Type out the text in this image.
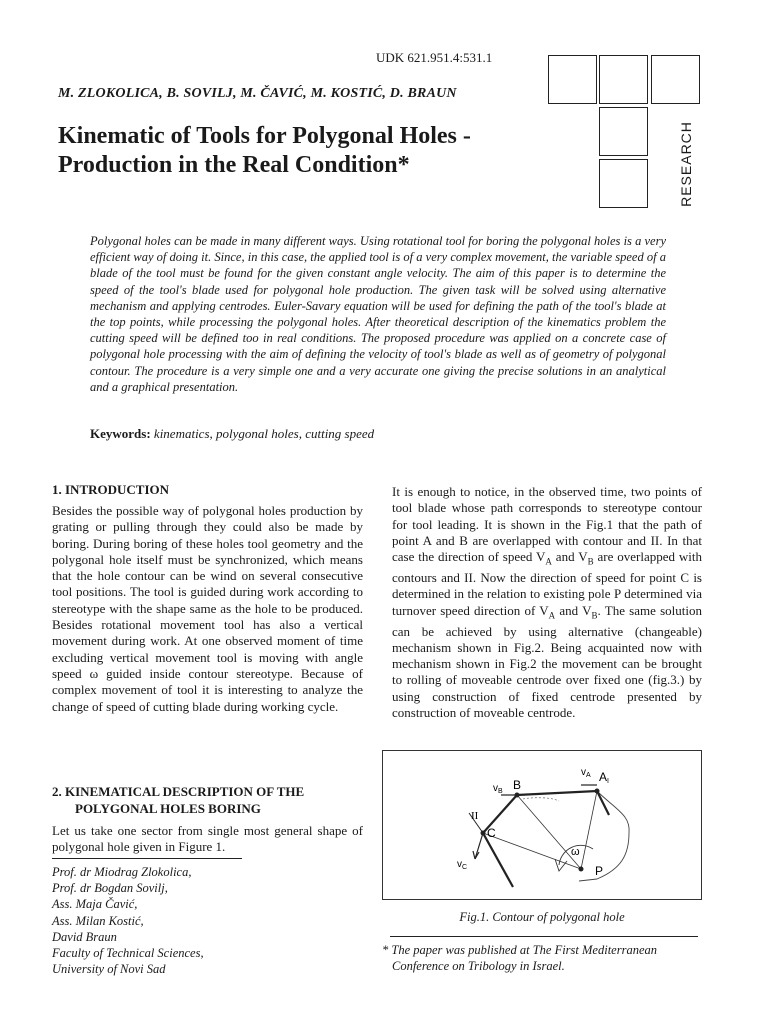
UDK 621.951.4:531.1
M. ZLOKOLICA, B. SOVILJ, M. ČAVIĆ, M. KOSTIĆ, D. BRAUN
Kinematic of Tools for Polygonal Holes -
Production in the Real Condition*	RESEARCH

Polygonal holes can be made in many different ways. Using rotational tool for boring the polygonal holes is a very efficient way of doing it. Since, in this case, the applied tool is of a very complex movement, the variable speed of a blade of the tool must be found for the given constant angle velocity. The aim of this paper is to determine the speed of the tool's blade used for polygonal hole production. The given task will be solved using alternative mechanism and applying centrodes. Euler-Savary equation will be used for defining the path of the tool's blade at the top points, while processing the polygonal holes. After theoretical description of the kinematics problem the cutting speed will be defined too in real conditions. The proposed procedure was applied on a concrete case of polygonal hole processing with the aim of defining the velocity of tool's blade as well as of geometry of polygonal contour. The procedure is a very simple one and a very accurate one giving the precise solutions in an analytical and a graphical presentation.

Keywords: kinematics, polygonal holes, cutting speed
1. INTRODUCTION

Besides the possible way of polygonal holes production by grating or pulling through they could also be made by boring. During boring of these holes tool geometry and the polygonal hole itself must be synchronized, which means that the hole contour can be wind on several consecutive tool positions. The tool is guided during work according to stereotype with the shape same as the hole to be produced. Besides rotational movement tool has also a vertical movement during work. At one observed moment of time excluding vertical movement tool is moving with angle speed ω guided inside contour stereotype. Because of complex movement of tool it is interesting to analyze the change of speed of cutting blade during working cycle.

2. KINEMATICAL DESCRIPTION OF THE
POLYGONAL HOLES BORING

Let us take one sector from single most general shape of polygonal hole given in Figure 1.

Prof. dr Miodrag Zlokolica,
Prof. dr Bogdan Sovilj,
Ass. Maja Čavić,
Ass. Milan Kostić,
David Braun
Faculty of Technical Sciences,
University of Novi Sad

It is enough to notice, in the observed time, two points of tool blade whose path corresponds to stereotype contour for tool leading. It is shown in the Fig.1 that the path of point A and B are overlapped with contour and II. In that case the direction of speed $V_A$ and $V_B$ are overlapped with contours and II. Now the direction of speed for point C is determined in the relation to existing pole P determined via turnover speed direction of $V_A$ and $V_B$. The same solution can be achieved by using alternative (changeable) mechanism shown in Fig.2. Being acquainted now with mechanism shown in Fig.2 the movement can be brought to rolling of moveable centrode over fixed one (fig.3.) by using construction of fixed centrode presented by construction of moveable centrode.

$v_B$ B
$v_A$ AI
II
C
ω
$v_C$	P
Fig.1. Contour of polygonal hole

* The paper was published at The First Mediterranean
Conference on Tribology in Israel.
